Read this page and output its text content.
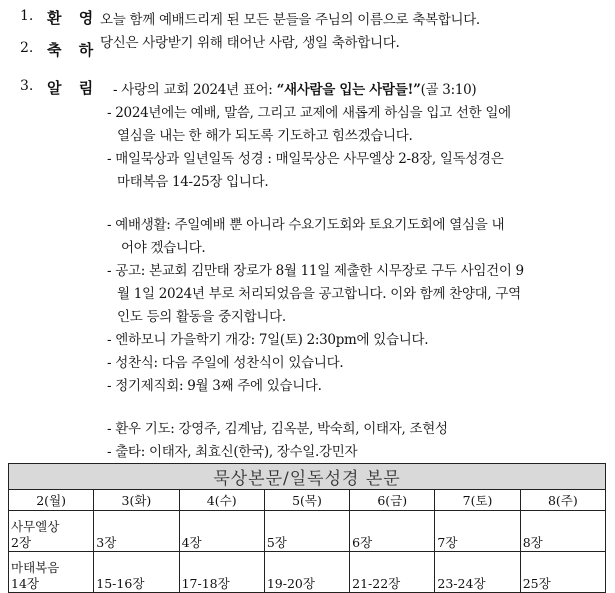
1. 환 영 오늘 함께 예배드리게 된 모든 분들을 주님의 이름으로 축복합니다.
2. 축 하 당신은 사랑받기 위해 태어난 사람, 생일 축하합니다.
3. 알 림 - 사랑의 교회 2024년 표어: “새사람을 입는 사람들!”(골 3:10)
- 2024년에는 예배, 말씀, 그리고 교제에 새롭게 하심을 입고 선한 일에
열심을 내는 한 해가 되도록 기도하고 힘쓰겠습니다.
- 매일묵상과 일년일독 성경 : 매일묵상은 사무엘상 2-8장, 일독성경은
마태복음 14-25장 입니다.
- 예배생활: 주일예배 뿐 아니라 수요기도회와 토요기도회에 열심을 내
어야 겠습니다.
- 공고: 본교회 김만태 장로가 8월 11일 제출한 시무장로 구두 사임건이 9
월 1일 2024년 부로 처리되었음을 공고합니다. 이와 함께 찬양대, 구역
인도 등의 활동을 중지합니다.
- 엔하모니 가을학기 개강: 7일(토) 2:30pm에 있습니다.
- 성찬식: 다음 주일에 성찬식이 있습니다.
- 정기제직회: 9월 3째 주에 있습니다.
- 환우 기도: 강영주, 김계남, 김옥분, 박숙희, 이태자, 조현성
- 출타: 이태자, 최효신(한국), 장수일.강민자
묵상본문/일독성경 본문						
2(월)	3(화)	4(수)	5(목)	6(금)	7(토)	8(주)
사무엘상
2장	3장	4장	5장	6장	7장	8장
마태복음
14장	15-16장	17-18장	19-20장	21-22장	23-24장	25장
